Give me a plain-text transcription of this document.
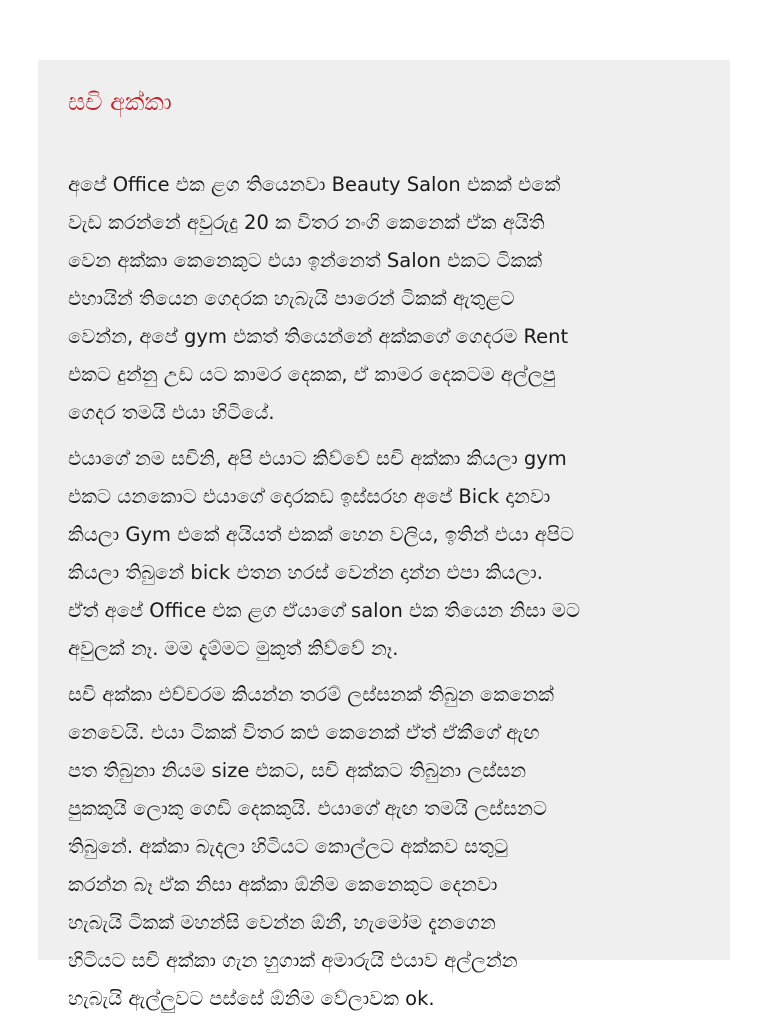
සචි අක්කා
අපේ Office එක ළග තියෙනවා Beauty Salon එකක් එකේ
වැඩ කරන්නේ අවුරුදු 20 ක විතර නංගි කෙනෙක් ඒක අයිති
වෙන අක්කා කෙනෙකුට එයා ඉන්නෙත් Salon එකට ටිකක්
එහායින් තියෙන ගෙදරක හැබැයි පාරෙන් ටිකක් ඇතුළට
වෙන්න, අපේ gym එකත් තියෙන්නේ අක්කගේ ගෙදරම Rent
එකට දුන්නු උඩ යට කාමර දෙකක, ඒ කාමර දෙකටම අල්ලපු
ගෙදර තමයි එයා හිටියේ.
එයාගේ නම සචිනි, අපි එයාට කිව්වේ සචි අක්කා කියලා gym
එකට යනකොට එයාගේ දොරකඩ ඉස්සරහ අපේ Bick දානවා
කියලා Gym එකේ අයියත් එකක් හෙන වලිය, ඉතින් එයා අපිට
කියලා තිබුනේ bick එතන හරස් වෙන්න දාන්න එපා කියලා.
ඒත් අපේ Office එක ළග ඒයාගේ salon එක තියෙන නිසා මට
අවුලක් නෑ. මම දැම්මට මුකුත් කිව්වේ නෑ.
සචි අක්කා එච්චරම කියන්න තරම් ලස්සනක් තිබුන කෙනෙක්
නෙවෙයි. එයා ටිකක් විතර කළු කෙනෙක් ඒත් ඒකීගේ ඇඟ
පත තිබුනා නියම size එකට, සචි අක්කට තිබුනා ලස්සන
පුකකුයි ලොකු ගෙඩි දෙකකුයි. එයාගේ ඇඟ තමයි ලස්සනට
තිබුනේ. අක්කා බැදලා හිටියට කොල්ලට අක්කව සතුටු
කරන්න බෑ ඒක නිසා අක්කා ඕනිම කෙනෙකුට දෙනවා
හැබැයි ටිකක් මහන්සි වෙන්න ඕනී, හැමෝම දැනගෙන
හිටියට සචි අක්කා ගැන හුගාක් අමාරුයි එයාව අල්ලන්න
හැබැයි ඇල්ලුවට පස්සේ ඕනිම වේලාවක ok.
